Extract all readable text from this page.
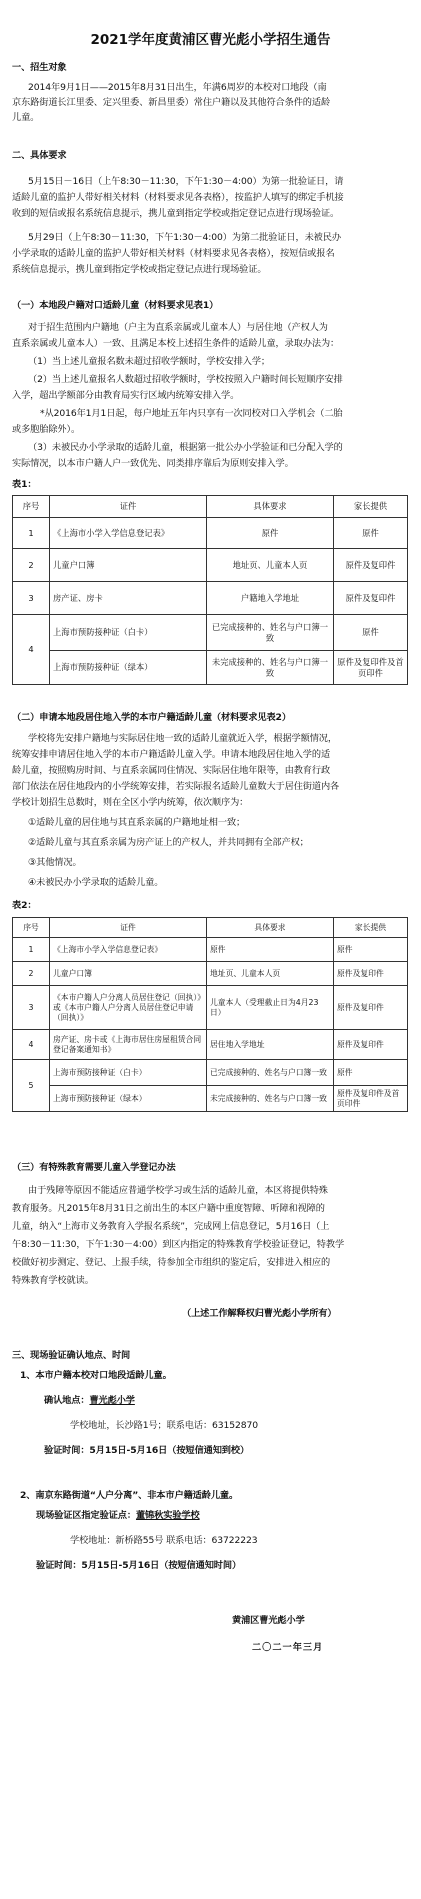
2021学年度黄浦区曹光彪小学招生通告
一、招生对象
2014年9月1日——2015年8月31日出生，年满6周岁的本校对口地段（南
京东路街道长江里委、定兴里委、新昌里委）常住户籍以及其他符合条件的适龄
儿童。
二、具体要求
5月15日－16日（上午8:30－11:30，下午1:30－4:00）为第一批验证日，请
适龄儿童的监护人带好相关材料（材料要求见各表格），按监护人填写的绑定手机接
收到的短信或报名系统信息提示，携儿童到指定学校或指定登记点进行现场验证。
5月29日（上午8:30－11:30，下午1:30－4:00）为第二批验证日，未被民办
小学录取的适龄儿童的监护人带好相关材料（材料要求见各表格），按短信或报名
系统信息提示，携儿童到指定学校或指定登记点进行现场验证。
（一）本地段户籍对口适龄儿童（材料要求见表1）
对于招生范围内户籍地（户主为直系亲属或儿童本人）与居住地（产权人为
直系亲属或儿童本人）一致、且满足本校上述招生条件的适龄儿童，录取办法为：
（1）当上述儿童报名数未超过招收学额时，学校安排入学；
（2）当上述儿童报名人数超过招收学额时，学校按照入户籍时间长短顺序安排
入学，超出学额部分由教育局实行区域内统筹安排入学。
*从2016年1月1日起，每户地址五年内只享有一次同校对口入学机会（二胎
或多胞胎除外）。
（3）未被民办小学录取的适龄儿童，根据第一批公办小学验证和已分配入学的
实际情况，以本市户籍人户一致优先、同类排序靠后为原则安排入学。
表1：
序号	证件	具体要求	家长提供
1	《上海市小学入学信息登记表》	原件	原件
2	儿童户口簿	地址页、儿童本人页	原件及复印件
3	房产证、房卡	户籍地入学地址	原件及复印件
4	上海市预防接种证（白卡）	已完成接种的、姓名与户口簿一致	原件
	上海市预防接种证（绿本）	未完成接种的、姓名与户口簿一致	原件及复印件及首页印件
（二）申请本地段居住地入学的本市户籍适龄儿童（材料要求见表2）
学校将先安排户籍地与实际居住地一致的适龄儿童就近入学，根据学额情况，
统筹安排申请居住地入学的本市户籍适龄儿童入学。申请本地段居住地入学的适
龄儿童，按照购房时间、与直系亲属同住情况、实际居住地年限等，由教育行政
部门依法在居住地段内的小学统筹安排，若实际报名适龄儿童数大于居住街道内各
学校计划招生总数时，则在全区小学内统筹，依次顺序为：
①适龄儿童的居住地与其直系亲属的户籍地址相一致；
②适龄儿童与其直系亲属为房产证上的产权人，并共同拥有全部产权；
③其他情况。
④未被民办小学录取的适龄儿童。
表2：
序号	证件	具体要求	家长提供
1	《上海市小学入学信息登记表》	原件	原件
2	儿童户口簿	地址页、儿童本人页	原件及复印件
3	《本市户籍人户分离人员居住登记（回执）》或《本市户籍人户分离人员居住登记申请（回执）》	儿童本人（受理截止日为4月23日）	原件及复印件
4	房产证、房卡或《上海市居住房屋租赁合同登记备案通知书》	居住地入学地址	原件及复印件
5	上海市预防接种证（白卡）	已完成接种的、姓名与户口簿一致	原件
	上海市预防接种证（绿本）	未完成接种的、姓名与户口簿一致	原件及复印件及首页印件
（三）有特殊教育需要儿童入学登记办法
由于残障等原因不能适应普通学校学习或生活的适龄儿童，本区将提供特殊
教育服务。凡2015年8月31日之前出生的本区户籍中重度智障、听障和视障的
儿童，纳入“上海市义务教育入学报名系统”，完成网上信息登记，5月16日（上
午8:30－11:30，下午1:30－4:00）到区内指定的特殊教育学校验证登记，特教学
校做好初步测定、登记、上报手续，待参加全市组织的鉴定后，安排进入相应的
特殊教育学校就读。
（上述工作解释权归曹光彪小学所有）
三、现场验证确认地点、时间
1、本市户籍本校对口地段适龄儿童。
确认地点：曹光彪小学
学校地址，长沙路1号；联系电话：63152870
验证时间：5月15日-5月16日（按短信通知到校）
2、南京东路街道“人户分离”、非本市户籍适龄儿童。
现场验证区指定验证点：董锦秋实验学校
学校地址：新桥路55号 联系电话：63722223
验证时间：5月15日-5月16日（按短信通知时间）
黄浦区曹光彪小学
二〇二一年三月
